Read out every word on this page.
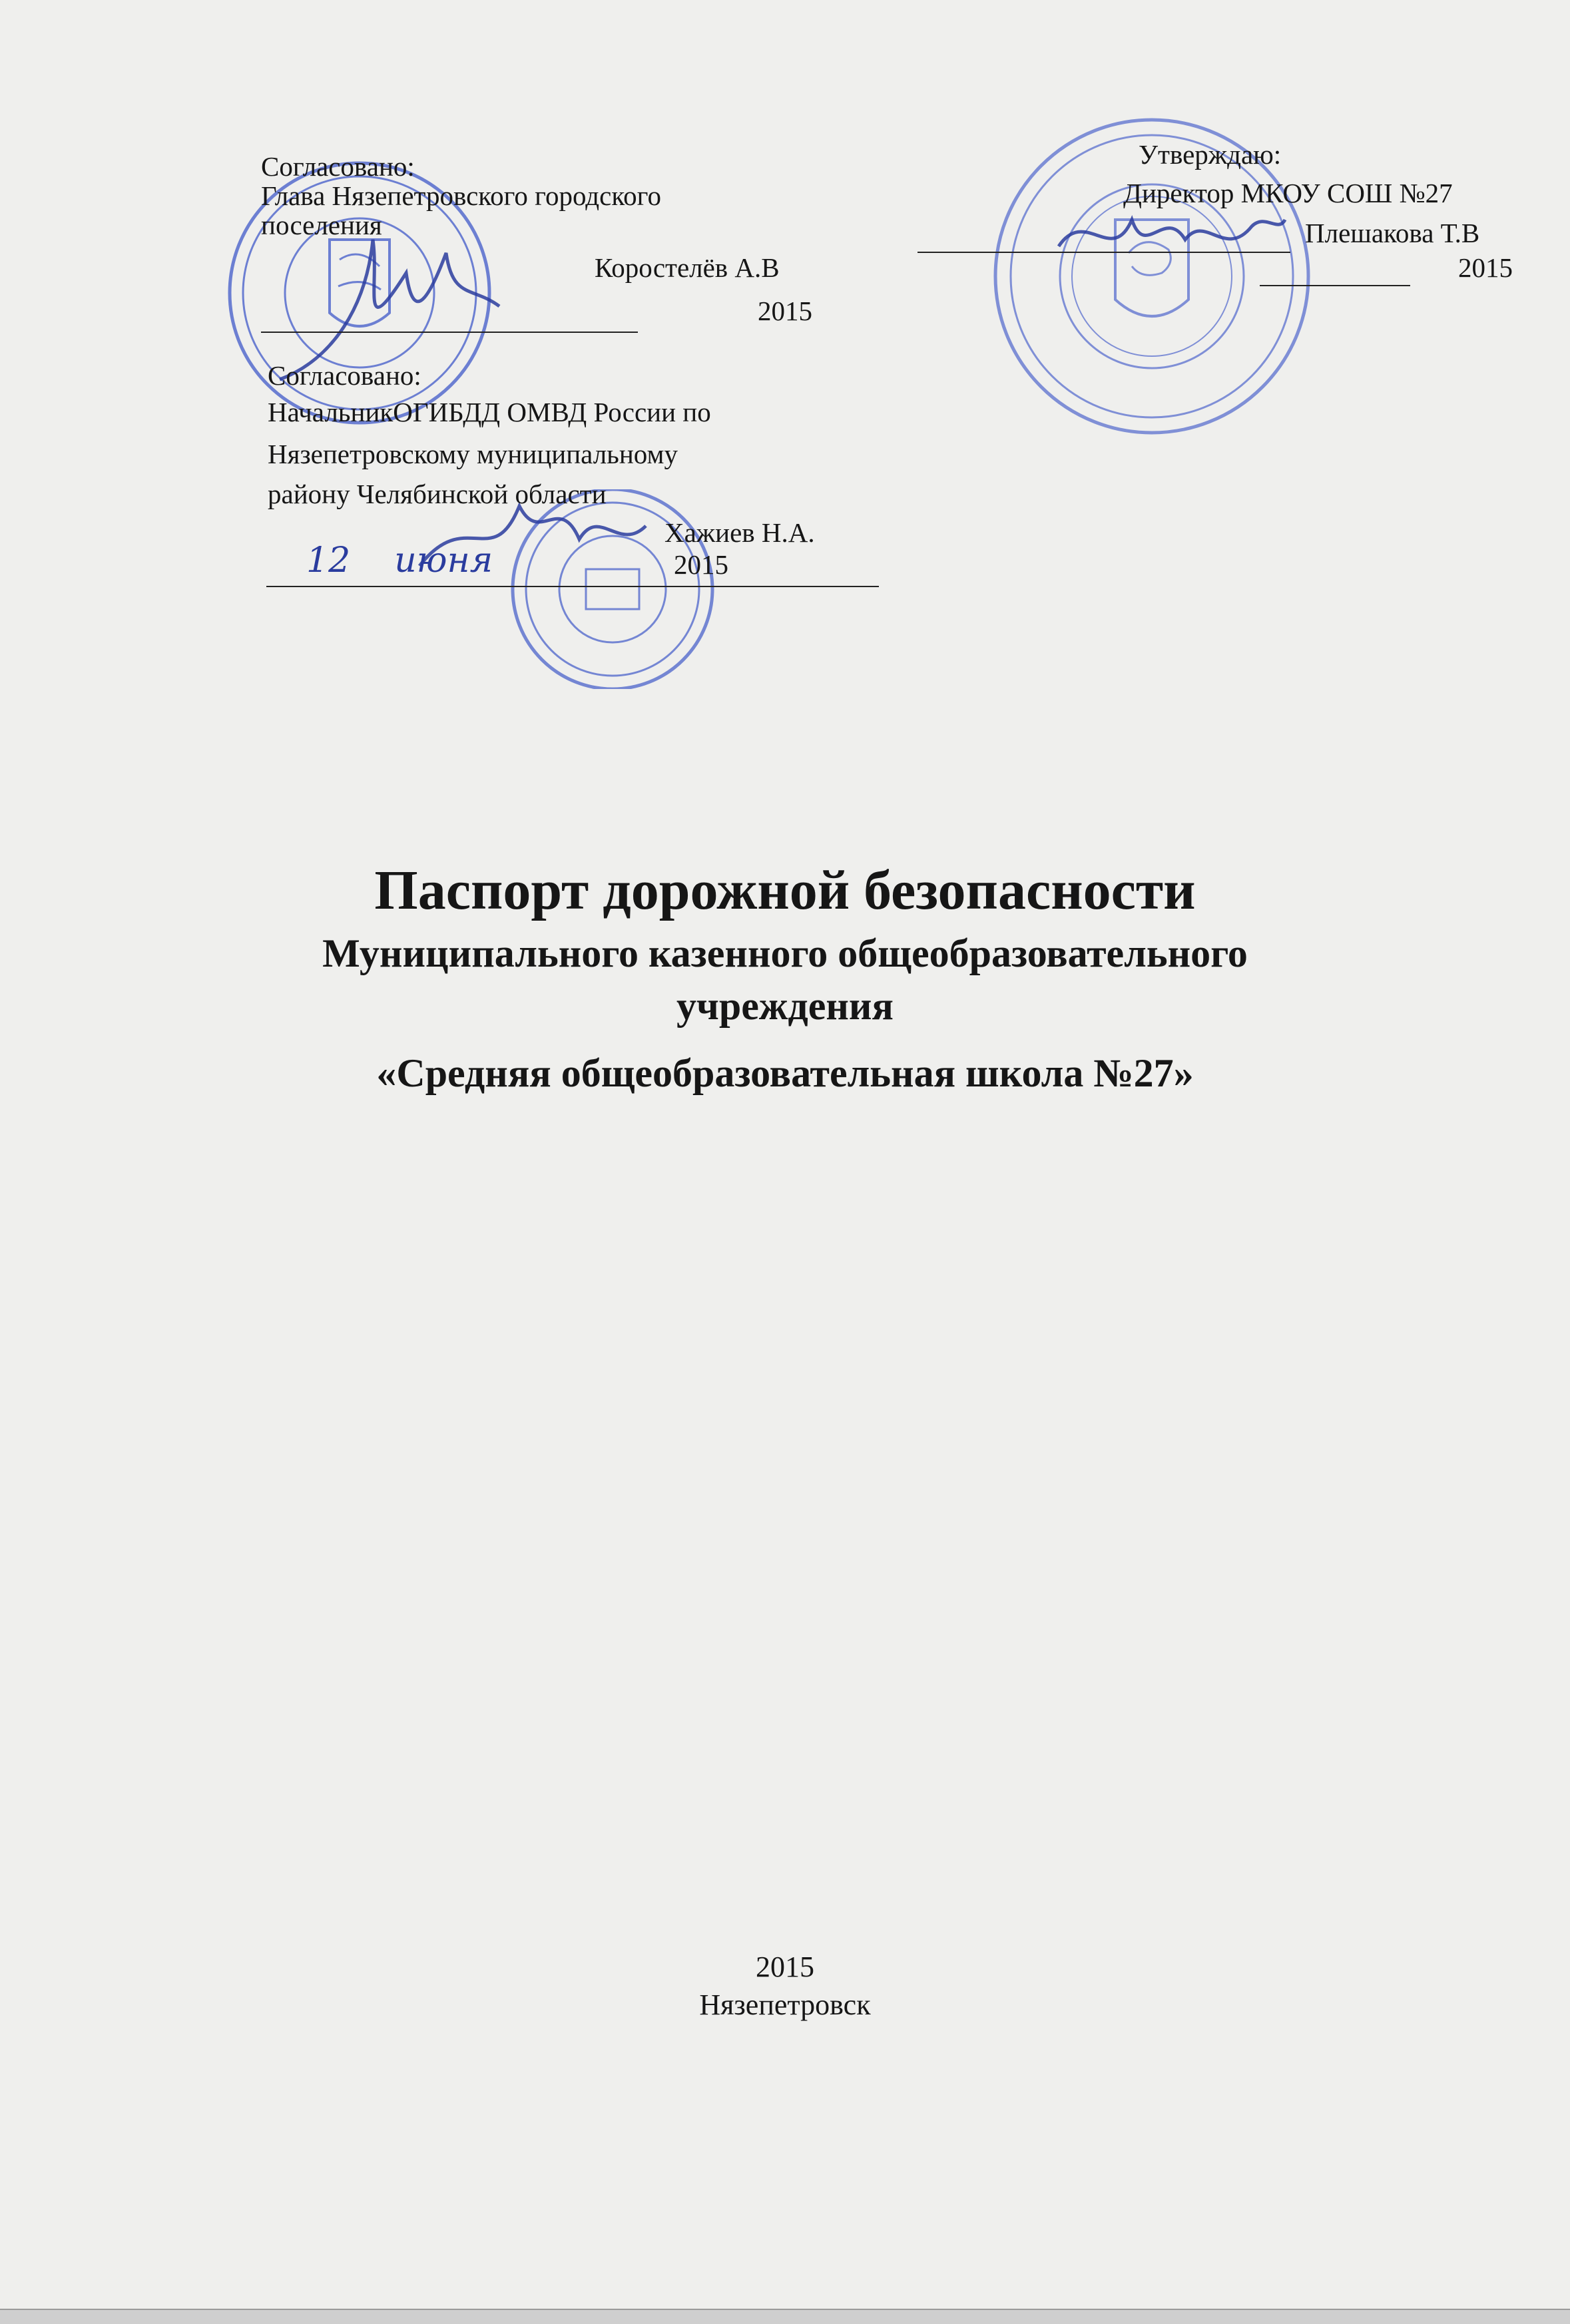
Согласовано:
Глава Нязепетровского городского
поселения
Коростелёв А.В
2015
Согласовано:
НачальникОГИБДД ОМВД России по
Нязепетровскому муниципальному
району Челябинской области
Хажиев Н.А.
12    июня	2015
Утверждаю:
Директор МКОУ СОШ №27
Плешакова Т.В
2015
Паспорт дорожной безопасности
Муниципального казенного общеобразовательного
учреждения
«Средняя общеобразовательная школа №27»
2015
Нязепетровск
